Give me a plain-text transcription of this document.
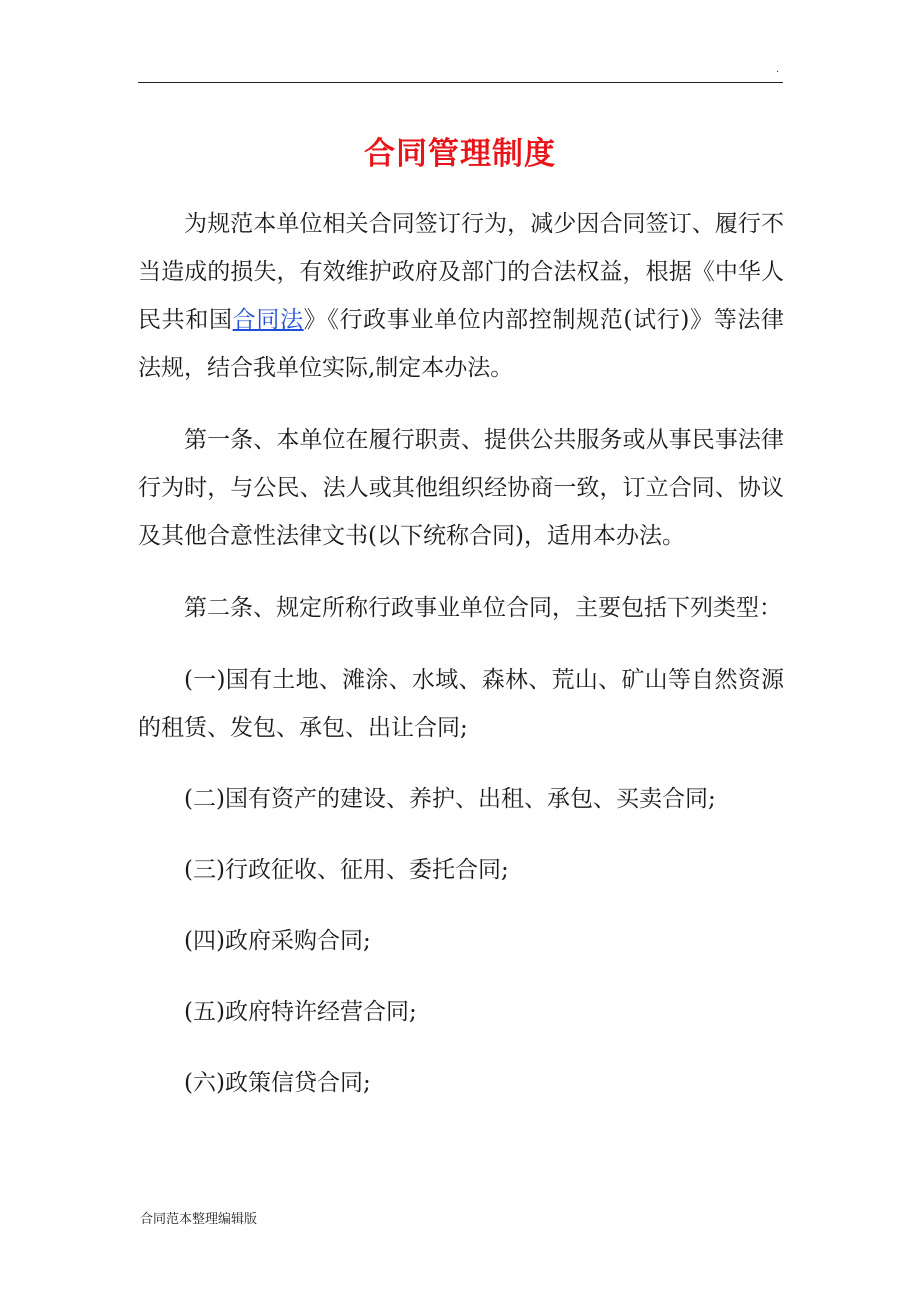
.
合同管理制度

为规范本单位相关合同签订行为，减少因合同签订、履行不当造成的损失，有效维护政府及部门的合法权益，根据《中华人民共和国合同法》《行政事业单位内部控制规范(试行)》等法律法规，结合我单位实际,制定本办法。

第一条、本单位在履行职责、提供公共服务或从事民事法律行为时，与公民、法人或其他组织经协商一致，订立合同、协议及其他合意性法律文书(以下统称合同)，适用本办法。

第二条、规定所称行政事业单位合同，主要包括下列类型：

(一)国有土地、滩涂、水域、森林、荒山、矿山等自然资源的租赁、发包、承包、出让合同;

(二)国有资产的建设、养护、出租、承包、买卖合同;

(三)行政征收、征用、委托合同;

(四)政府采购合同;

(五)政府特许经营合同;

(六)政策信贷合同;

合同范本整理编辑版
